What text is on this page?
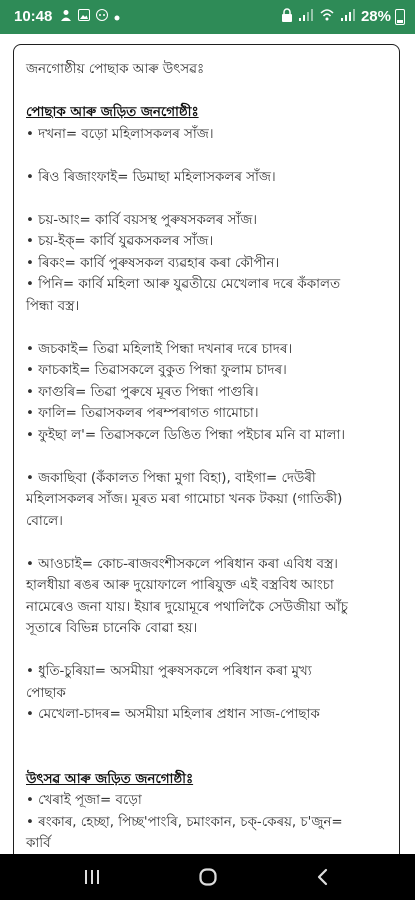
10:48	28%
জনগোষ্ঠীয় পোছাক আৰু উৎসৱঃ
পোছাক আৰু জড়িত জনগোষ্ঠীঃ
• দখনা= বড়ো মহিলাসকলৰ সাঁজ।
• ৰিও ৰিজাংফাই= ডিমাছা মহিলাসকলৰ সাঁজ।
• চয়-আং= কাৰ্বি বয়সস্থ পুৰুষসকলৰ সাঁজ।
• চয়-ইক্= কাৰ্বি যুৱকসকলৰ সাঁজ।
• ৰিকং= কাৰ্বি পুৰুষসকল ব্যৱহাৰ কৰা কৌপীন।
• পিনি= কাৰ্বি মহিলা আৰু যুৱতীয়ে মেখেলাৰ দৰে কঁকালত
পিন্ধা বস্ত্ৰ।
• জচকাই= তিৱা মহিলাই পিন্ধা দখনাৰ দৰে চাদৰ।
• ফাচকাই= তিৱাসকলে বুকুত পিন্ধা ফুলাম চাদৰ।
• ফাগুৰি= তিৱা পুৰুষে মূৰত পিন্ধা পাগুৰি।
• ফালি= তিৱাসকলৰ পৰম্পৰাগত গামোচা।
• ফুইছা ল'= তিৱাসকলে ডিঙিত পিন্ধা পইচাৰ মনি বা মালা।
• জকাছিবা (কঁকালত পিন্ধা মুগা বিহা), বাইগা= দেউৰী
মহিলাসকলৰ সাঁজ। মূৰত মৰা গামোচা খনক টকয়া (গাতিকী)
বোলে।
• আওচাই= কোচ-ৰাজবংশীসকলে পৰিধান কৰা এবিধ বস্ত্ৰ।
হালধীয়া ৰঙৰ আৰু দুয়োফালে পাৰিযুক্ত এই বস্ত্ৰবিধ আংচা
নামেৰেও জনা যায়। ইয়াৰ দুয়োমূৰে পথালিকৈ সেউজীয়া আঁচু
সূতাৰে বিভিন্ন চানেকি বোৱা হয়।
• ধুতি-চুৰিয়া= অসমীয়া পুৰুষসকলে পৰিধান কৰা মুখ্য
পোছাক
• মেখেলা-চাদৰ= অসমীয়া মহিলাৰ প্ৰধান সাজ-পোছাক
উৎসৱ আৰু জড়িত জনগোষ্ঠীঃ
• খেৰাই পূজা= বড়ো
• ৰংকাৰ, হেচ্ছা, পিচ্ছ'পাংৰি, চমাংকান, চক্-কেৰয়, চ'জুন=
কাৰ্বি
